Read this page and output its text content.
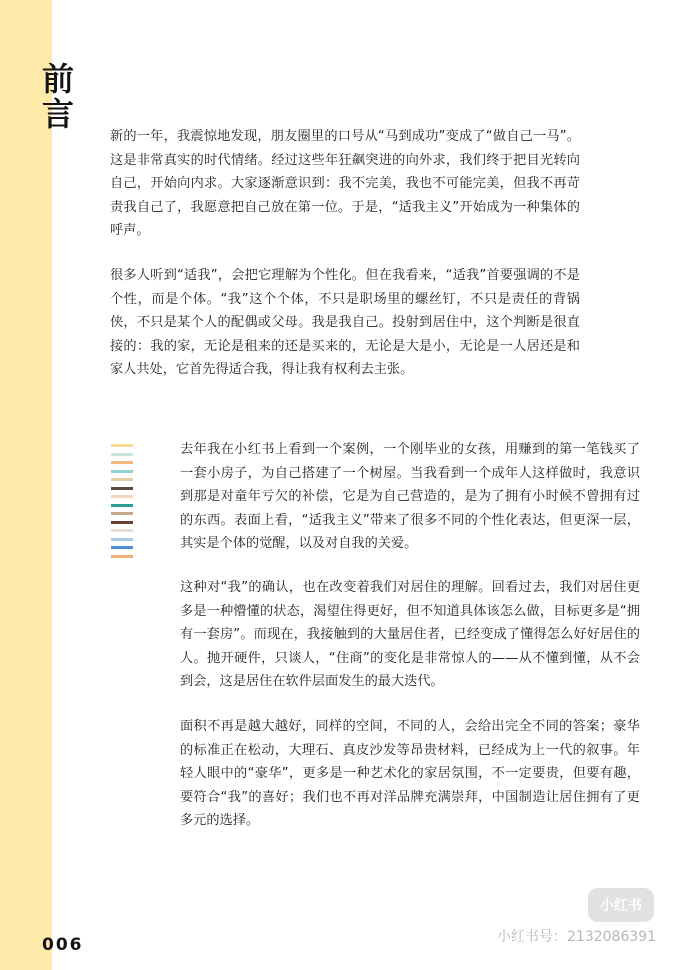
前
言

新的一年，我震惊地发现，朋友圈里的口号从“马到成功”变成了“做自己一马”。这是非常真实的时代情绪。经过这些年狂飙突进的向外求，我们终于把目光转向自己，开始向内求。大家逐渐意识到：我不完美，我也不可能完美，但我不再苛责我自己了，我愿意把自己放在第一位。于是，“适我主义”开始成为一种集体的呼声。

很多人听到“适我”，会把它理解为个性化。但在我看来，“适我”首要强调的不是个性，而是个体。“我”这个个体，不只是职场里的螺丝钉，不只是责任的背锅侠，不只是某个人的配偶或父母。我是我自己。投射到居住中，这个判断是很直接的：我的家，无论是租来的还是买来的，无论是大是小，无论是一人居还是和家人共处，它首先得适合我，得让我有权利去主张。

去年我在小红书上看到一个案例，一个刚毕业的女孩，用赚到的第一笔钱买了一套小房子，为自己搭建了一个树屋。当我看到一个成年人这样做时，我意识到那是对童年亏欠的补偿，它是为自己营造的，是为了拥有小时候不曾拥有过的东西。表面上看，“适我主义”带来了很多不同的个性化表达，但更深一层，其实是个体的觉醒，以及对自我的关爱。

这种对“我”的确认，也在改变着我们对居住的理解。回看过去，我们对居住更多是一种懵懂的状态，渴望住得更好，但不知道具体该怎么做，目标更多是“拥有一套房”。而现在，我接触到的大量居住者，已经变成了懂得怎么好好居住的人。抛开硬件，只谈人，“住商”的变化是非常惊人的——从不懂到懂，从不会到会，这是居住在软件层面发生的最大迭代。

面积不再是越大越好，同样的空间，不同的人，会给出完全不同的答案；豪华的标准正在松动，大理石、真皮沙发等昂贵材料，已经成为上一代的叙事。年轻人眼中的“豪华”，更多是一种艺术化的家居氛围，不一定要贵，但要有趣，要符合“我”的喜好；我们也不再对洋品牌充满崇拜，中国制造让居住拥有了更多元的选择。

006
小红书
小红书号：2132086391
